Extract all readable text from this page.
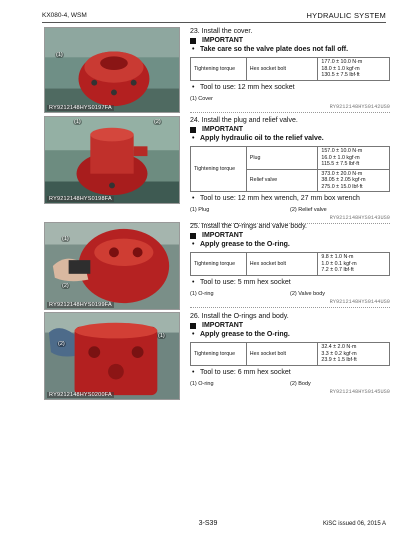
KX080-4, WSM	HYDRAULIC SYSTEM
(1)
RY9212148HYS0197FA
(1)	(2)
RY9212148HYS0198FA
(1)
(2)
RY9212148HYS0199FA
(2)
(1)
RY9212148HYS0200FA
23. Install the cover.
IMPORTANT
• Take care so the valve plate does not fall off.
Tightening torque	Hex socket bolt	
177.0 ± 10.0 N·m
18.0 ± 1.0 kgf·m
130.5 ± 7.5 lbf·ft
• Tool to use: 12 mm hex socket
(1) Cover
RY9212148HYS0142US0
24. Install the plug and relief valve.
IMPORTANT
• Apply hydraulic oil to the relief valve.
Tightening torque	Plug	157.0 ± 10.0 N·m
16.0 ± 1.0 kgf·m
115.5 ± 7.5 lbf·ft

	Relief valve	373.0 ± 20.0 N·m
38.05 ± 2.05 kgf·m
275.0 ± 15.0 lbf·ft
• Tool to use: 12 mm hex wrench, 27 mm box wrench
(1) Plug	(2) Relief valve
RY9212148HYS0143US0
25. Install the O-rings and valve body.
IMPORTANT
• Apply grease to the O-ring.
Tightening torque	Hex socket bolt	
9.8 ± 1.0 N·m
1.0 ± 0.1 kgf·m
7.2 ± 0.7 lbf·ft
• Tool to use: 5 mm hex socket
(1) O-ring	(2) Valve body
RY9212148HYS0144US0
26. Install the O-rings and body.
IMPORTANT
• Apply grease to the O-ring.
Tightening torque	Hex socket bolt	
32.4 ± 2.0 N·m
3.3 ± 0.2 kgf·m
23.9 ± 1.5 lbf·ft
• Tool to use: 6 mm hex socket
(1) O-ring	(2) Body
RY9212148HYS0145US0
3-S39	KiSC issued 06, 2015 A
